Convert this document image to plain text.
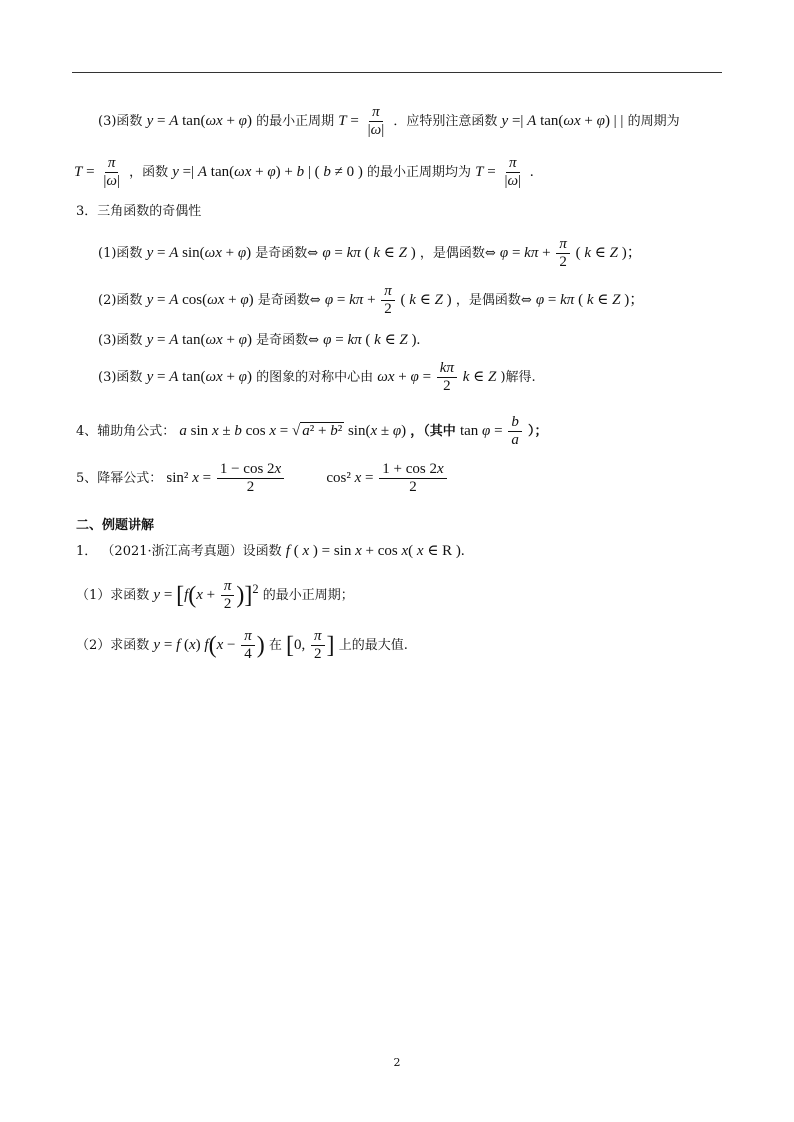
(3)函数 y = A tan(ωx + φ) 的最小正周期 $T = \frac{\pi}{|\omega|}$ ．应特别注意函数 y =| A tan(ωx + φ) | | 的周期为
$T = \frac{\pi}{|\omega|}$ ，函数 y =| A tan(ωx + φ) + b | ( b ≠ 0 ) 的最小正周期均为 $T = \frac{\pi}{|\omega|}$ .
3．三角函数的奇偶性
(1)函数 y = A sin(ωx + φ) 是奇函数⇔ φ = kπ ( k ∈ Z ) ，是偶函数⇔ $\varphi = k\pi + \frac{\pi}{2}$ ( k ∈ Z )；
(2)函数 y = A cos(ωx + φ) 是奇函数⇔ $\varphi = k\pi + \frac{\pi}{2}$ ( k ∈ Z ) ，是偶函数⇔ φ = kπ ( k ∈ Z )；
(3)函数 y = A tan(ωx + φ) 是奇函数⇔ φ = kπ ( k ∈ Z ).
(3)函数 y = A tan(ωx + φ) 的图象的对称中心由 $\omega x + \varphi = \frac{k\pi}{2}$ k ∈ Z )解得.
4、辅助角公式： a sin x ± b cos x = √ a² + b² sin(x ± φ) ，（其中 $\tan \varphi = \frac{b}{a}$ ）；
5、降幂公式： sin² $x = \frac{1 - \cos 2x}{2}$	cos² $x = \frac{1 + \cos 2x}{2}$
二、例题讲解
1． （2021·浙江高考真题）设函数 f ( x ) = sin x + cos x( x ∈ R ).
（1）求函数 $y = [f(x + \frac{\pi}{2} )]^2$ 的最小正周期；
（2）求函数 y = f (x) $f(x - \frac{\pi}{4}$ ) 在 [0, $\frac{\pi}{2}$ ] 上的最大值.
2
